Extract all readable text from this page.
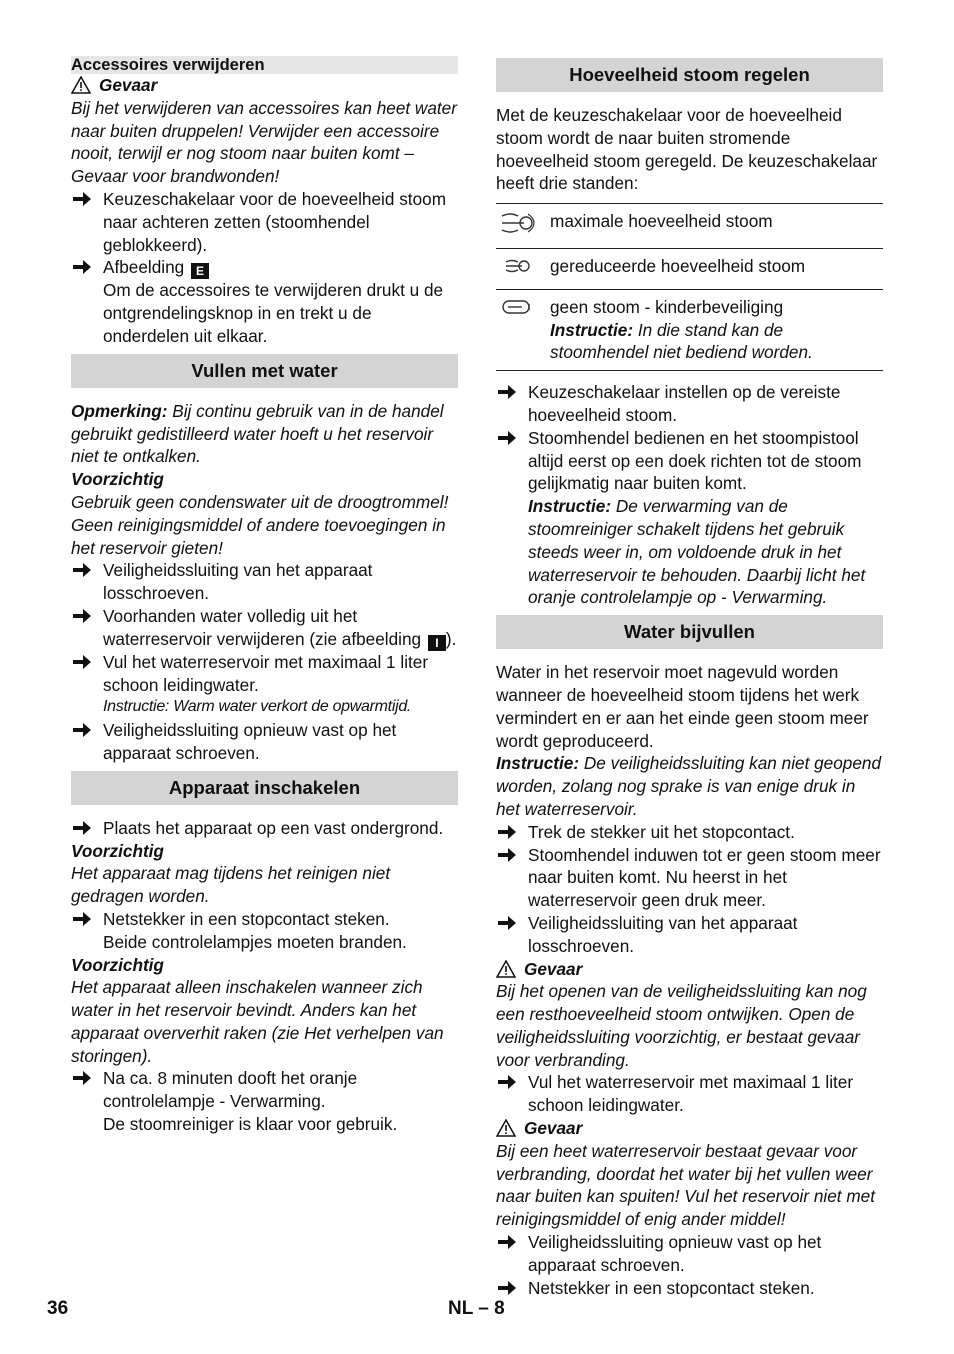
Accessoires verwijderen
Gevaar

Bij het verwijderen van accessoires kan heet water naar buiten druppelen! Verwijder een accessoire nooit, terwijl er nog stoom naar buiten komt – Gevaar voor brandwonden!

Keuzeschakelaar voor de hoeveelheid stoom naar achteren zetten (stoomhendel geblokkeerd).
Afbeelding E

Om de accessoires te verwijderen drukt u de ontgrendelingsknop in en trekt u de onderdelen uit elkaar.

Vullen met water

Opmerking: Bij continu gebruik van in de handel gebruikt gedistilleerd water hoeft u het reservoir niet te ontkalken.

Voorzichtig

Gebruik geen condenswater uit de droogtrommel!

Geen reinigingsmiddel of andere toevoegingen in het reservoir gieten!

Veiligheidssluiting van het apparaat losschroeven.
Voorhanden water volledig uit het waterreservoir verwijderen (zie afbeelding I ).
Vul het waterreservoir met maximaal 1 liter schoon leidingwater.

Instructie: Warm water verkort de opwarmtijd.

Veiligheidssluiting opnieuw vast op het apparaat schroeven.
Apparaat inschakelen
Plaats het apparaat op een vast ondergrond.

Voorzichtig

Het apparaat mag tijdens het reinigen niet gedragen worden.

Netstekker in een stopcontact steken.

Beide controlelampjes moeten branden.

Voorzichtig

Het apparaat alleen inschakelen wanneer zich water in het reservoir bevindt. Anders kan het apparaat oververhit raken (zie Het verhelpen van storingen).

Na ca. 8 minuten dooft het oranje controlelampje - Verwarming.

De stoomreiniger is klaar voor gebruik.

Hoeveelheid stoom regelen

Met de keuzeschakelaar voor de hoeveelheid stoom wordt de naar buiten stromende hoeveelheid stoom geregeld. De keuzeschakelaar heeft drie standen:

	maximale hoeveelheid stoom
	gereduceerde hoeveelheid stoom

geen stoom - kinderbeveiliging
Instructie: In die stand kan de stoomhendel niet bediend worden.
Keuzeschakelaar instellen op de vereiste hoeveelheid stoom.
Stoomhendel bedienen en het stoompistool altijd eerst op een doek richten tot de stoom gelijkmatig naar buiten komt.

Instructie: De verwarming van de stoomreiniger schakelt tijdens het gebruik steeds weer in, om voldoende druk in het waterreservoir te behouden. Daarbij licht het oranje controlelampje op - Verwarming.

Water bijvullen

Water in het reservoir moet nagevuld worden wanneer de hoeveelheid stoom tijdens het werk vermindert en er aan het einde geen stoom meer wordt geproduceerd.

Instructie: De veiligheidssluiting kan niet geopend worden, zolang nog sprake is van enige druk in het waterreservoir.

Trek de stekker uit het stopcontact.
Stoomhendel induwen tot er geen stoom meer naar buiten komt. Nu heerst in het waterreservoir geen druk meer.
Veiligheidssluiting van het apparaat losschroeven.
Gevaar

Bij het openen van de veiligheidssluiting kan nog een resthoeveelheid stoom ontwijken. Open de veiligheidssluiting voorzichtig, er bestaat gevaar voor verbranding.

Vul het waterreservoir met maximaal 1 liter schoon leidingwater.
Gevaar

Bij een heet waterreservoir bestaat gevaar voor verbranding, doordat het water bij het vullen weer naar buiten kan spuiten! Vul het reservoir niet met reinigingsmiddel of enig ander middel!

Veiligheidssluiting opnieuw vast op het apparaat schroeven.
Netstekker in een stopcontact steken.
36	NL – 8
